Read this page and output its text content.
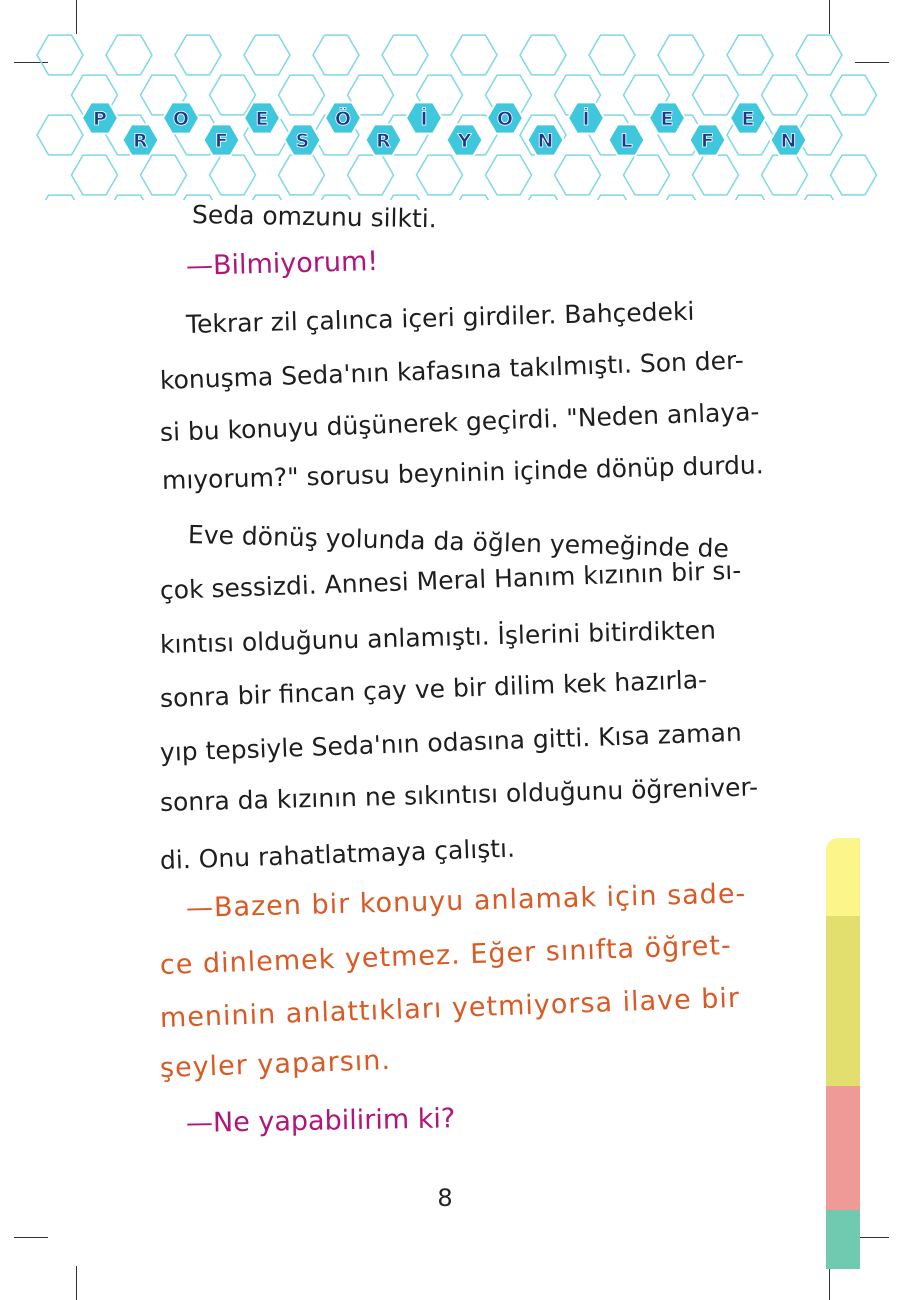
P
R
O
F
E
S
Ö
R
İ
Y
O
N
İ
L
E
F
E
N
Seda omzunu silkti.
—Bilmiyorum!
Tekrar zil çalınca içeri girdiler. Bahçedeki
konuşma Seda'nın kafasına takılmıştı. Son der-
si bu konuyu düşünerek geçirdi. "Neden anlaya-
mıyorum?" sorusu beyninin içinde dönüp durdu.
Eve dönüş yolunda da öğlen yemeğinde de
çok sessizdi. Annesi Meral Hanım kızının bir sı-
kıntısı olduğunu anlamıştı. İşlerini bitirdikten
sonra bir fincan çay ve bir dilim kek hazırla-
yıp tepsiyle Seda'nın odasına gitti. Kısa zaman
sonra da kızının ne sıkıntısı olduğunu öğreniver-
di. Onu rahatlatmaya çalıştı.
—Bazen bir konuyu anlamak için sade-
ce dinlemek yetmez. Eğer sınıfta öğret-
meninin anlattıkları yetmiyorsa ilave bir
şeyler yaparsın.
—Ne yapabilirim ki?
8
